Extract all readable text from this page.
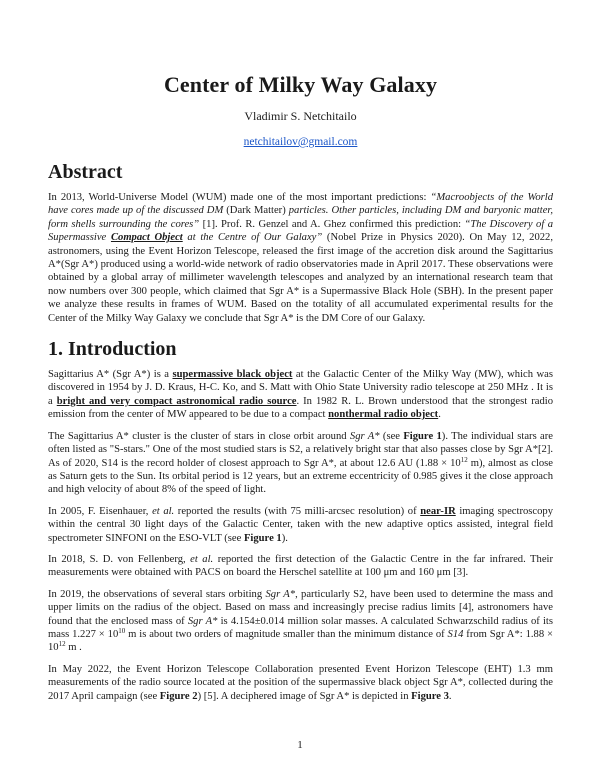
Center of Milky Way Galaxy
Vladimir S. Netchitailo
netchitailov@gmail.com
Abstract

In 2013, World-Universe Model (WUM) made one of the most important predictions: “Macroobjects of the World have cores made up of the discussed DM (Dark Matter) particles. Other particles, including DM and baryonic matter, form shells surrounding the cores” [1]. Prof. R. Genzel and A. Ghez confirmed this prediction: “The Discovery of a Supermassive Compact Object at the Centre of Our Galaxy” (Nobel Prize in Physics 2020). On May 12, 2022, astronomers, using the Event Horizon Telescope, released the first image of the accretion disk around the Sagittarius A*(Sgr A*) produced using a world-wide network of radio observatories made in April 2017. These observations were obtained by a global array of millimeter wavelength telescopes and analyzed by an international research team that now numbers over 300 people, which claimed that Sgr A* is a Supermassive Black Hole (SBH). In the present paper we analyze these results in frames of WUM. Based on the totality of all accumulated experimental results for the Center of the Milky Way Galaxy we conclude that Sgr A* is the DM Core of our Galaxy.

1. Introduction

Sagittarius A* (Sgr A*) is a supermassive black object at the Galactic Center of the Milky Way (MW), which was discovered in 1954 by J. D. Kraus, H-C. Ko, and S. Matt with Ohio State University radio telescope at 250 MHz . It is a bright and very compact astronomical radio source. In 1982 R. L. Brown understood that the strongest radio emission from the center of MW appeared to be due to a compact nonthermal radio object.

The Sagittarius A* cluster is the cluster of stars in close orbit around Sgr A* (see Figure 1). The individual stars are often listed as "S-stars." One of the most studied stars is S2, a relatively bright star that also passes close by Sgr A*[2]. As of 2020, S14 is the record holder of closest approach to Sgr A*, at about 12.6 AU ($1.88 \times 10^{12}$ m), almost as close as Saturn gets to the Sun. Its orbital period is 12 years, but an extreme eccentricity of 0.985 gives it the close approach and high velocity of about 8% of the speed of light.

In 2005, F. Eisenhauer, et al. reported the results (with 75 milli-arcsec resolution) of near-IR imaging spectroscopy within the central 30 light days of the Galactic Center, taken with the new adaptive optics assisted, integral field spectrometer SINFONI on the ESO-VLT (see Figure 1).

In 2018, S. D. von Fellenberg, et al. reported the first detection of the Galactic Centre in the far infrared. Their measurements were obtained with PACS on board the Herschel satellite at 100 μm and 160 μm [3].

In 2019, the observations of several stars orbiting Sgr A*, particularly S2, have been used to determine the mass and upper limits on the radius of the object. Based on mass and increasingly precise radius limits [4], astronomers have found that the enclosed mass of Sgr A* is 4.154±0.014 million solar masses. A calculated Schwarzschild radius of its mass $1.227 \times 10^{10}$ m is about two orders of magnitude smaller than the minimum distance of S14 from Sgr A*: $1.88 \times 10^{12}$ m .

In May 2022, the Event Horizon Telescope Collaboration presented Event Horizon Telescope (EHT) 1.3 mm measurements of the radio source located at the position of the supermassive black object Sgr A*, collected during the 2017 April campaign (see Figure 2) [5]. A deciphered image of Sgr A* is depicted in Figure 3.

1
